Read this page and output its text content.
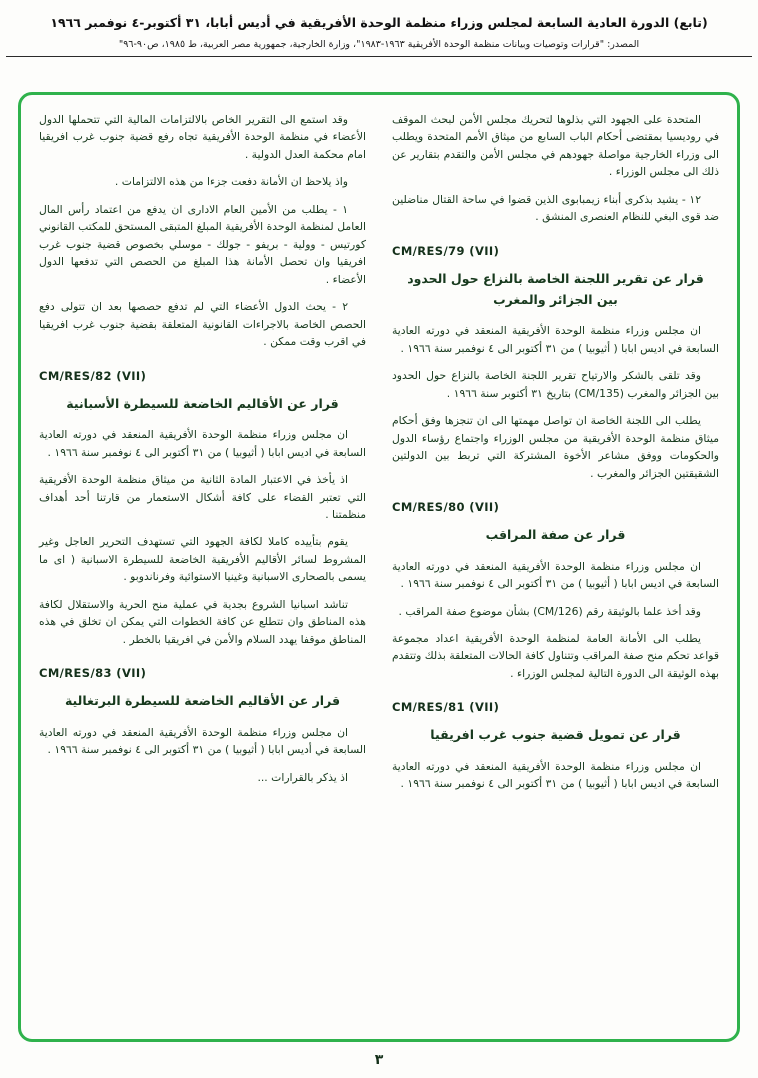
(تابع) الدورة العادية السابعة لمجلس وزراء منظمة الوحدة الأفريقية في أديس أبابا، ٣١ أكتوبر-٤ نوفمبر ١٩٦٦
المصدر: "قرارات وتوصيات وبيانات منظمة الوحدة الأفريقية ١٩٦٣-١٩٨٣"، وزارة الخارجية، جمهورية مصر العربية، ط ١٩٨٥، ص٩٠-٩٦"

المتحدة على الجهود التي بذلوها لتحريك مجلس الأمن لبحث الموقف في روديسيا بمقتضى أحكام الباب السابع من ميثاق الأمم المتحدة ويطلب الى وزراء الخارجية مواصلة جهودهم في مجلس الأمن والتقدم بتقارير عن ذلك الى مجلس الوزراء .

١٢ - يشيد بذكرى أبناء زيمبابوى الذين قضوا في ساحة القتال مناضلين ضد قوى البغي للنظام العنصرى المنشق .

CM/RES/79 (VII)
قرار عن تقرير اللجنة الخاصة بالنزاع حول الحدود بين الجزائر والمغرب

ان مجلس وزراء منظمة الوحدة الأفريقية المنعقد في دورته العادية السابعة في اديس ابابا ( أثيوبيا ) من ٣١ أكتوبر الى ٤ نوفمبر سنة ١٩٦٦ .

وقد تلقى بالشكر والارتياح تقرير اللجنة الخاصة بالنزاع حول الحدود بين الجزائر والمغرب (CM/135) بتاريخ ٣١ أكتوبر سنة ١٩٦٦ .

يطلب الى اللجنة الخاصة ان تواصل مهمتها الى ان تنجزها وفق أحكام ميثاق منظمة الوحدة الأفريقية من مجلس الوزراء واجتماع رؤساء الدول والحكومات ووفق مشاعر الأخوة المشتركة التي تربط بين الدولتين الشقيقتين الجزائر والمغرب .

CM/RES/80 (VII)
قرار عن صفة المراقب

ان مجلس وزراء منظمة الوحدة الأفريقية المنعقد في دورته العادية السابعة في اديس ابابا ( أثيوبيا ) من ٣١ أكتوبر الى ٤ نوفمبر سنة ١٩٦٦ .

وقد أخذ علما بالوثيقة رقم (CM/126) بشأن موضوع صفة المراقب .

يطلب الى الأمانة العامة لمنظمة الوحدة الأفريقية اعداد مجموعة قواعد تحكم منح صفة المراقب وتتناول كافة الحالات المتعلقة بذلك وتتقدم بهذه الوثيقة الى الدورة التالية لمجلس الوزراء .

CM/RES/81 (VII)
قرار عن تمويل قضية جنوب غرب افريقيا

ان مجلس وزراء منظمة الوحدة الأفريقية المنعقد في دورته العادية السابعة في اديس ابابا ( أثيوبيا ) من ٣١ أكتوبر الى ٤ نوفمبر سنة ١٩٦٦ .

وقد استمع الى التقرير الخاص بالالتزامات المالية التي تتحملها الدول الأعضاء في منظمة الوحدة الأفريقية تجاه رفع قضية جنوب غرب افريقيا امام محكمة العدل الدولية .

واذ يلاحظ ان الأمانة دفعت جزءا من هذه الالتزامات .

١ - يطلب من الأمين العام الادارى ان يدفع من اعتماد رأس المال العامل لمنظمة الوحدة الأفريقية المبلغ المتبقى المستحق للمكتب القانوني كورتيس - وولية - بريفو - جولك - موسلي بخصوص قضية جنوب غرب افريقيا وان تحصل الأمانة هذا المبلغ من الحصص التي تدفعها الدول الأعضاء .

٢ - يحث الدول الأعضاء التي لم تدفع حصصها بعد ان تتولى دفع الحصص الخاصة بالاجراءات القانونية المتعلقة بقضية جنوب غرب افريقيا في اقرب وقت ممكن .

CM/RES/82 (VII)
قرار عن الأقاليم الخاضعة للسيطرة الأسبانية

ان مجلس وزراء منظمة الوحدة الأفريقية المنعقد في دورته العادية السابعة في اديس ابابا ( أثيوبيا ) من ٣١ أكتوبر الى ٤ نوفمبر سنة ١٩٦٦ .

اذ يأخذ في الاعتبار المادة الثانية من ميثاق منظمة الوحدة الأفريقية التي تعتبر القضاء على كافة أشكال الاستعمار من قارتنا أحد أهداف منظمتنا .

يقوم بتأييده كاملا لكافة الجهود التي تستهدف التحرير العاجل وغير المشروط لسائر الأقاليم الأفريقية الخاضعة للسيطرة الاسبانية ( اى ما يسمى بالصحارى الاسبانية وغينيا الاستوائية وفرناندوبو .

تناشد اسبانيا الشروع بجدية في عملية منح الحرية والاستقلال لكافة هذه المناطق وان تتطلع عن كافة الخطوات التي يمكن ان تخلق في هذه المناطق موقفا يهدد السلام والأمن في افريقيا بالخطر .

CM/RES/83 (VII)
قرار عن الأقاليم الخاضعة للسيطرة البرتغالية

ان مجلس وزراء منظمة الوحدة الأفريقية المنعقد في دورته العادية السابعة في أديس ابابا ( أثيوبيا ) من ٣١ أكتوبر الى ٤ نوفمبر سنة ١٩٦٦ .

اذ يذكر بالقرارات ...

٣
